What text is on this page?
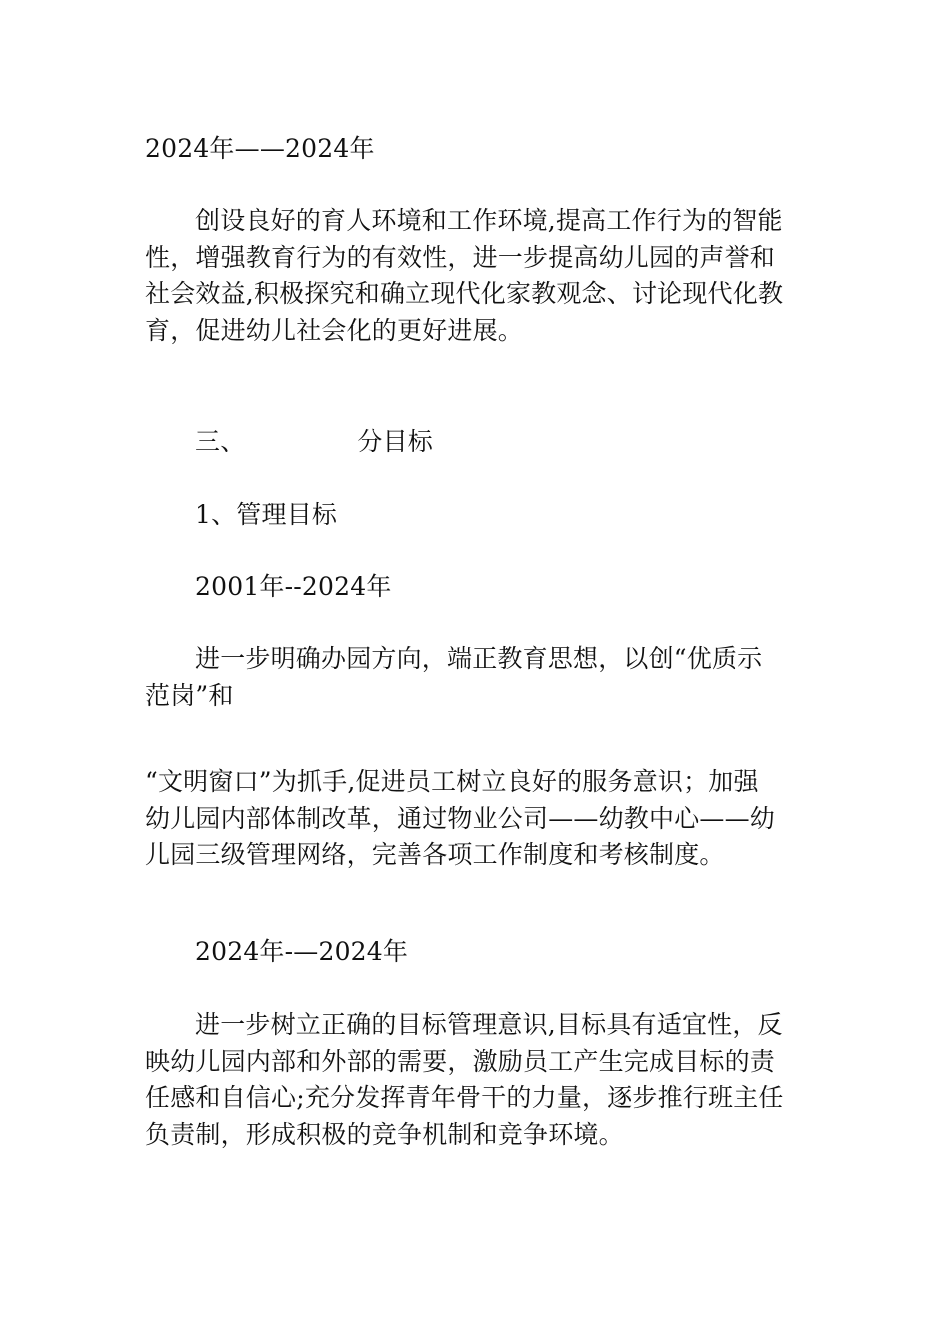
2024年——2024年

创设良好的育人环境和工作环境,提高工作行为的智能
性，增强教育行为的有效性，进一步提高幼儿园的声誉和
社会效益,积极探究和确立现代化家教观念、讨论现代化教
育，促进幼儿社会化的更好进展。

三、	分目标

1、管理目标

2001年--2024年

进一步明确办园方向，端正教育思想，以创“优质示
范岗”和

“文明窗口”为抓手,促进员工树立良好的服务意识；加强
幼儿园内部体制改革，通过物业公司——幼教中心——幼
儿园三级管理网络，完善各项工作制度和考核制度。

2024年-—2024年

进一步树立正确的目标管理意识,目标具有适宜性，反
映幼儿园内部和外部的需要，激励员工产生完成目标的责
任感和自信心;充分发挥青年骨干的力量，逐步推行班主任
负责制，形成积极的竞争机制和竞争环境。
